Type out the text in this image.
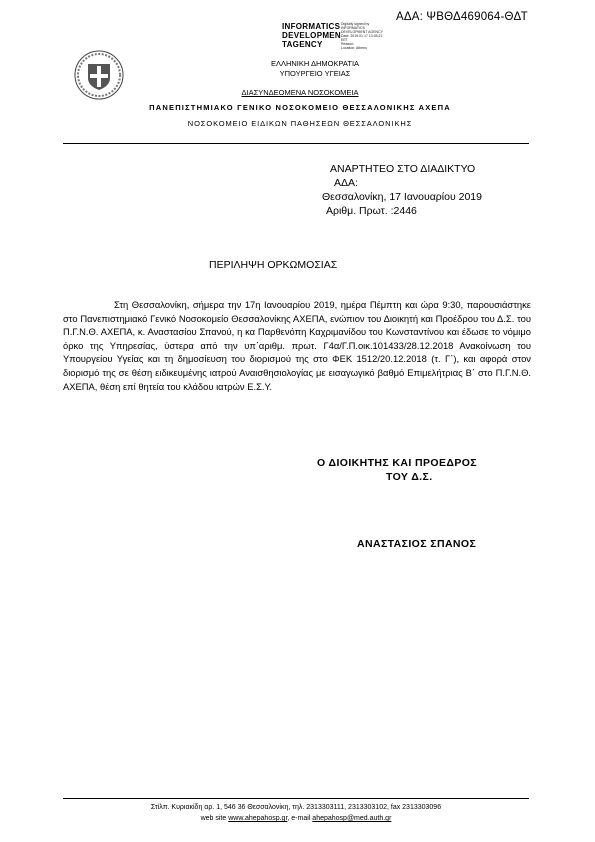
ΑΔΑ: ΨΒΘΔ469064-ΘΔΤ
INFORMATICS
DEVELOPMEN
TAGENCY
Digitally signed by
INFORMATICS
DEVELOPMENT AGENCY
Date: 2019.01.17 13:05:21
EET
Reason:
Location: Athens
ΕΛΛΗΝΙΚΗ ΔΗΜΟΚΡΑΤΙΑ
ΥΠΟΥΡΓΕΙΟ ΥΓΕΙΑΣ
ΔΙΑΣΥΝΔΕΟΜΕΝΑ ΝΟΣΟΚΟΜΕΙΑ
ΠΑΝΕΠΙΣΤΗΜΙΑΚΟ ΓΕΝΙΚΟ ΝΟΣΟΚΟΜΕΙΟ ΘΕΣΣΑΛΟΝΙΚΗΣ ΑΧΕΠΑ
ΝΟΣΟΚΟΜΕΙΟ ΕΙΔΙΚΩΝ ΠΑΘΗΣΕΩΝ ΘΕΣΣΑΛΟΝΙΚΗΣ
ΑΝΑΡΤΗΤΕΟ ΣΤΟ ΔΙΑΔΙΚΤΥΟ
ΑΔΑ:
Θεσσαλονίκη, 17 Ιανουαρίου 2019
Αριθμ. Πρωτ. :2446
ΠΕΡΙΛΗΨΗ ΟΡΚΩΜΟΣΙΑΣ

Στη Θεσσαλονίκη, σήμερα την 17η Ιανουαρίου 2019, ημέρα Πέμπτη και ώρα 9:30, παρουσιάστηκε στο Πανεπιστημιακό Γενικό Νοσοκομείο Θεσσαλονίκης ΑΧΕΠΑ, ενώπιον του Διοικητή και Προέδρου του Δ.Σ. του Π.Γ.Ν.Θ. ΑΧΕΠΑ, κ. Αναστασίου Σπανού, η κα Παρθενόπη Καχριμανίδου του Κωνσταντίνου και έδωσε το νόμιμο όρκο της Υπηρεσίας, ύστερα από την υπ΄αριθμ. πρωτ. Γ4α/Γ.Π.οικ.101433/28.12.2018 Ανακοίνωση του Υπουργείου Υγείας και τη δημοσίευση του διορισμού της στο ΦΕΚ 1512/20.12.2018 (τ. Γ΄), και αφορά στον διορισμό της σε θέση ειδικευμένης ιατρού Αναισθησιολογίας με εισαγωγικό βαθμό Επιμελήτριας Β΄ στο Π.Γ.Ν.Θ. ΑΧΕΠΑ, θέση επί θητεία του κλάδου ιατρών Ε.Σ.Υ.

Ο ΔΙΟΙΚΗΤΗΣ ΚΑΙ ΠΡΟΕΔΡΟΣ
ΤΟΥ Δ.Σ.
ΑΝΑΣΤΑΣΙΟΣ ΣΠΑΝΟΣ
Στίλπ. Κυριακίδη αρ. 1, 546 36 Θεσσαλονίκη, τηλ. 2313303111, 2313303102, fax 2313303096
web site www.ahepahosp.gr, e-mail ahepahosp@med.auth.gr
